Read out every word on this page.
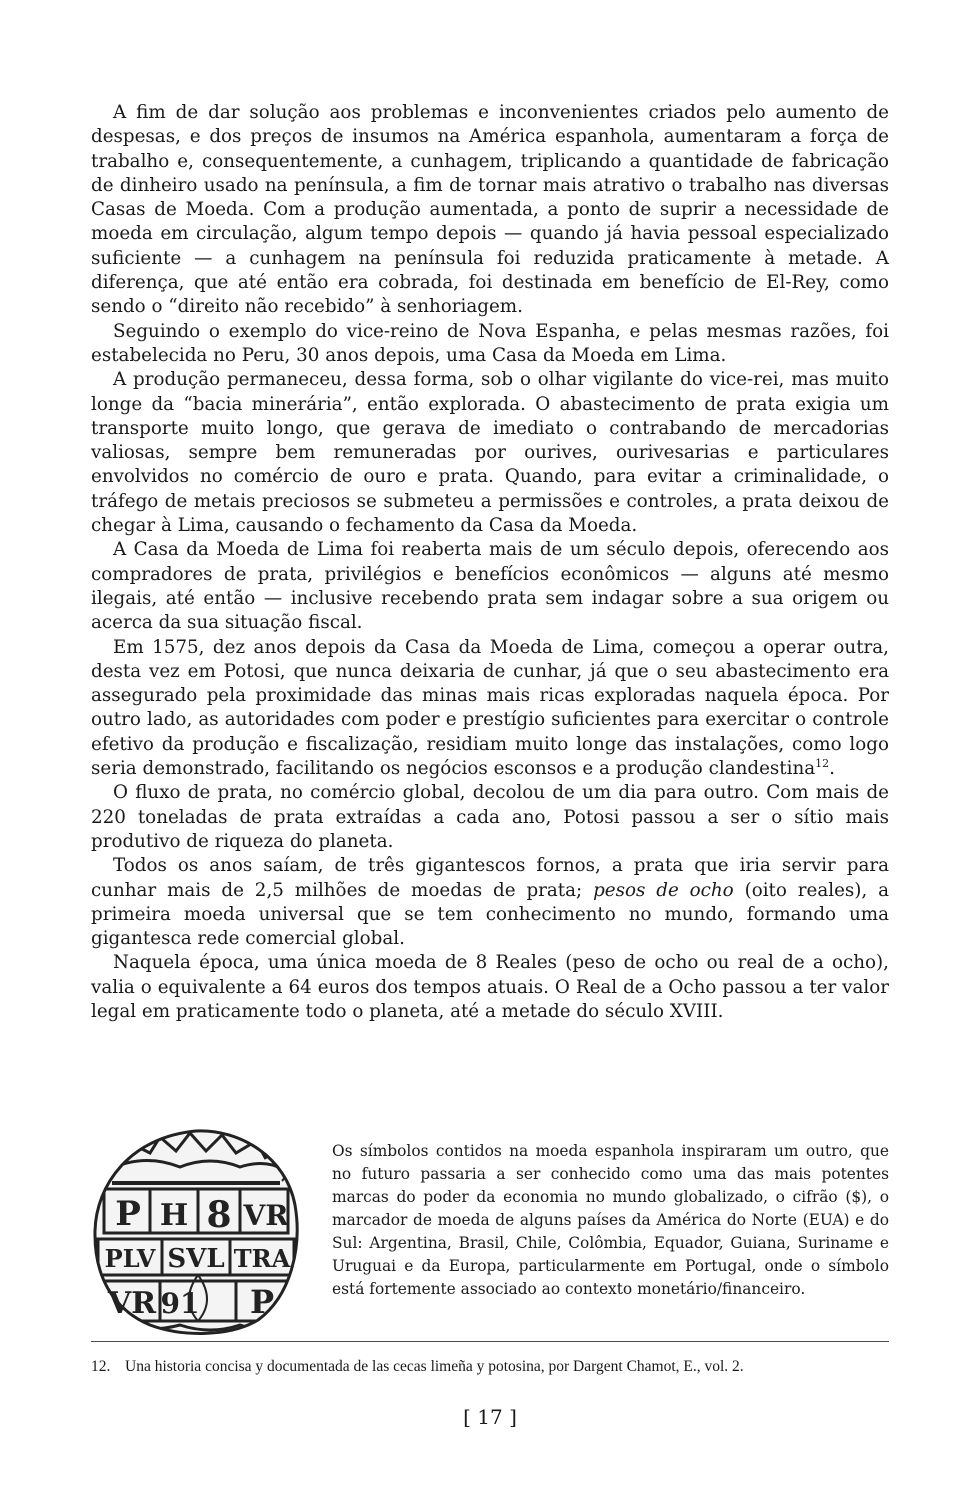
A fim de dar solução aos problemas e inconvenientes criados pelo aumento de despesas, e dos preços de insumos na América espanhola, aumentaram a força de trabalho e, consequentemente, a cunhagem, triplicando a quantidade de fabricação de dinheiro usado na península, a fim de tornar mais atrativo o trabalho nas diversas Casas de Moeda. Com a produção aumentada, a ponto de suprir a necessidade de moeda em circulação, algum tempo depois — quando já havia pessoal especializado suficiente — a cunhagem na península foi reduzida praticamente à metade. A diferença, que até então era cobrada, foi destinada em benefício de El-Rey, como sendo o “direito não recebido” à senhoriagem.

Seguindo o exemplo do vice-reino de Nova Espanha, e pelas mesmas razões, foi estabelecida no Peru, 30 anos depois, uma Casa da Moeda em Lima.

A produção permaneceu, dessa forma, sob o olhar vigilante do vice-rei, mas muito longe da “bacia minerária”, então explorada. O abastecimento de prata exigia um transporte muito longo, que gerava de imediato o contrabando de mercadorias valiosas, sempre bem remuneradas por ourives, ourivesarias e particulares envolvidos no comércio de ouro e prata. Quando, para evitar a criminalidade, o tráfego de metais preciosos se submeteu a permissões e controles, a prata deixou de chegar à Lima, causando o fechamento da Casa da Moeda.

A Casa da Moeda de Lima foi reaberta mais de um século depois, oferecendo aos compradores de prata, privilégios e benefícios econômicos — alguns até mesmo ilegais, até então — inclusive recebendo prata sem indagar sobre a sua origem ou acerca da sua situação fiscal.

Em 1575, dez anos depois da Casa da Moeda de Lima, começou a operar outra, desta vez em Potosi, que nunca deixaria de cunhar, já que o seu abastecimento era assegurado pela proximidade das minas mais ricas exploradas naquela época. Por outro lado, as autoridades com poder e prestígio suficientes para exercitar o controle efetivo da produção e fiscalização, residiam muito longe das instalações, como logo seria demonstrado, facilitando os negócios esconsos e a produção clandestina$^{12}$.

O fluxo de prata, no comércio global, decolou de um dia para outro. Com mais de 220 toneladas de prata extraídas a cada ano, Potosi passou a ser o sítio mais produtivo de riqueza do planeta.

Todos os anos saíam, de três gigantescos fornos, a prata que iria servir para cunhar mais de 2,5 milhões de moedas de prata; pesos de ocho (oito reales), a primeira moeda universal que se tem conhecimento no mundo, formando uma gigantesca rede comercial global.

Naquela época, uma única moeda de 8 Reales (peso de ocho ou real de a ocho), valia o equivalente a 64 euros dos tempos atuais. O Real de a Ocho passou a ter valor legal em praticamente todo o planeta, até a metade do século XVIII.

P H 8 VR
PLV SVL TRA
VR 91 P

Os símbolos contidos na moeda espanhola inspiraram um outro, que no futuro passaria a ser conhecido como uma das mais potentes marcas do poder da economia no mundo globalizado, o cifrão ($), o marcador de moeda de alguns países da América do Norte (EUA) e do Sul: Argentina, Brasil, Chile, Colômbia, Equador, Guiana, Suriname e Uruguai e da Europa, particularmente em Portugal, onde o símbolo está fortemente associado ao contexto monetário/financeiro.

12. Una historia concisa y documentada de las cecas limeña y potosina, por Dargent Chamot, E., vol. 2.

[ 17 ]
